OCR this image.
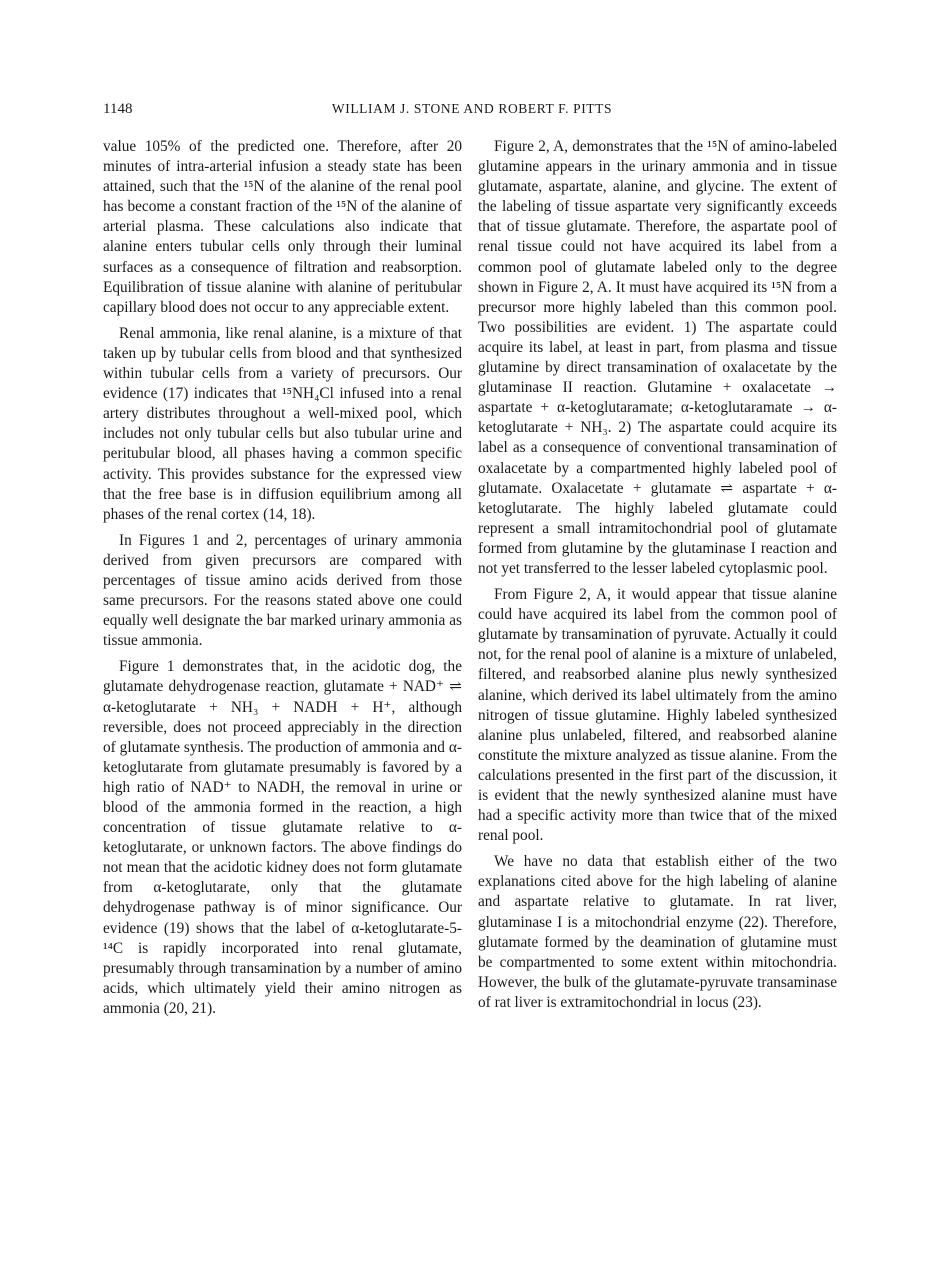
1148	WILLIAM J. STONE AND ROBERT F. PITTS

value 105% of the predicted one. Therefore, after 20 minutes of intra-arterial infusion a steady state has been attained, such that the ¹⁵N of the alanine of the renal pool has become a constant fraction of the ¹⁵N of the alanine of arterial plasma. These calculations also indicate that alanine enters tubular cells only through their luminal surfaces as a consequence of filtration and reabsorption. Equilibration of tissue alanine with alanine of peritubular capillary blood does not occur to any appreciable extent.

Renal ammonia, like renal alanine, is a mixture of that taken up by tubular cells from blood and that synthesized within tubular cells from a variety of precursors. Our evidence (17) indicates that ¹⁵NH₄Cl infused into a renal artery distributes throughout a well-mixed pool, which includes not only tubular cells but also tubular urine and peritubular blood, all phases having a common specific activity. This provides substance for the expressed view that the free base is in diffusion equilibrium among all phases of the renal cortex (14, 18).

In Figures 1 and 2, percentages of urinary ammonia derived from given precursors are compared with percentages of tissue amino acids derived from those same precursors. For the reasons stated above one could equally well designate the bar marked urinary ammonia as tissue ammonia.

Figure 1 demonstrates that, in the acidotic dog, the glutamate dehydrogenase reaction, glutamate + NAD⁺ ⇌ α-ketoglutarate + NH₃ + NADH + H⁺, although reversible, does not proceed appreciably in the direction of glutamate synthesis. The production of ammonia and α-ketoglutarate from glutamate presumably is favored by a high ratio of NAD⁺ to NADH, the removal in urine or blood of the ammonia formed in the reaction, a high concentration of tissue glutamate relative to α-ketoglutarate, or unknown factors. The above findings do not mean that the acidotic kidney does not form glutamate from α-ketoglutarate, only that the glutamate dehydrogenase pathway is of minor significance. Our evidence (19) shows that the label of α-ketoglutarate-5-¹⁴C is rapidly incorporated into renal glutamate, presumably through transamination by a number of amino acids, which ultimately yield their amino nitrogen as ammonia (20, 21).

Figure 2, A, demonstrates that the ¹⁵N of amino-labeled glutamine appears in the urinary ammonia and in tissue glutamate, aspartate, alanine, and glycine. The extent of the labeling of tissue aspartate very significantly exceeds that of tissue glutamate. Therefore, the aspartate pool of renal tissue could not have acquired its label from a common pool of glutamate labeled only to the degree shown in Figure 2, A. It must have acquired its ¹⁵N from a precursor more highly labeled than this common pool. Two possibilities are evident. 1) The aspartate could acquire its label, at least in part, from plasma and tissue glutamine by direct transamination of oxalacetate by the glutaminase II reaction. Glutamine + oxalacetate → aspartate + α-ketoglutaramate; α-ketoglutaramate → α-ketoglutarate + NH₃. 2) The aspartate could acquire its label as a consequence of conventional transamination of oxalacetate by a compartmented highly labeled pool of glutamate. Oxalacetate + glutamate ⇌ aspartate + α-ketoglutarate. The highly labeled glutamate could represent a small intramitochondrial pool of glutamate formed from glutamine by the glutaminase I reaction and not yet transferred to the lesser labeled cytoplasmic pool.

From Figure 2, A, it would appear that tissue alanine could have acquired its label from the common pool of glutamate by transamination of pyruvate. Actually it could not, for the renal pool of alanine is a mixture of unlabeled, filtered, and reabsorbed alanine plus newly synthesized alanine, which derived its label ultimately from the amino nitrogen of tissue glutamine. Highly labeled synthesized alanine plus unlabeled, filtered, and reabsorbed alanine constitute the mixture analyzed as tissue alanine. From the calculations presented in the first part of the discussion, it is evident that the newly synthesized alanine must have had a specific activity more than twice that of the mixed renal pool.

We have no data that establish either of the two explanations cited above for the high labeling of alanine and aspartate relative to glutamate. In rat liver, glutaminase I is a mitochondrial enzyme (22). Therefore, glutamate formed by the deamination of glutamine must be compartmented to some extent within mitochondria. However, the bulk of the glutamate-pyruvate transaminase of rat liver is extramitochondrial in locus (23).
